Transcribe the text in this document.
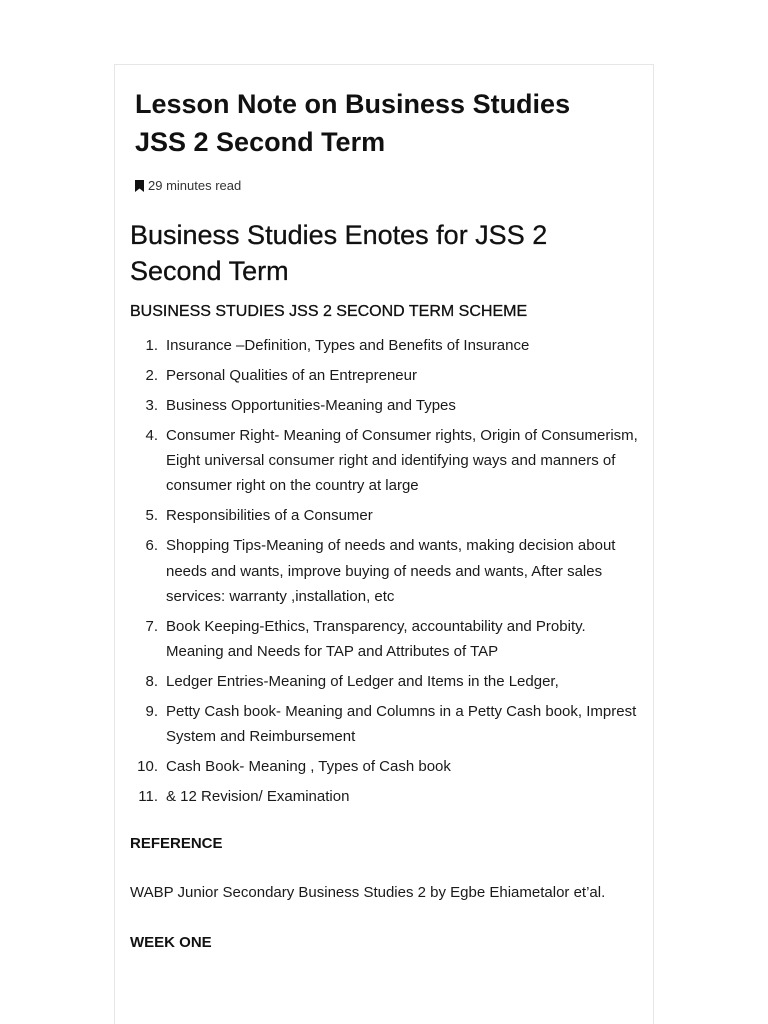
Lesson Note on Business Studies JSS 2 Second Term
29 minutes read
Business Studies Enotes for JSS 2 Second Term
BUSINESS STUDIES JSS 2 SECOND TERM SCHEME
1. Insurance –Definition, Types and Benefits of Insurance
2. Personal Qualities of an Entrepreneur
3. Business Opportunities-Meaning and Types
4. Consumer Right- Meaning of Consumer rights, Origin of Consumerism, Eight universal consumer right and identifying ways and manners of consumer right on the country at large
5. Responsibilities of a Consumer
6. Shopping Tips-Meaning of needs and wants, making decision about needs and wants, improve buying of needs and wants, After sales services: warranty ,installation, etc
7. Book Keeping-Ethics, Transparency, accountability and Probity. Meaning and Needs for TAP and Attributes of TAP
8. Ledger Entries-Meaning of Ledger and Items in the Ledger,
9. Petty Cash book- Meaning and Columns in a Petty Cash book, Imprest System and Reimbursement
10. Cash Book- Meaning , Types of Cash book
11. & 12 Revision/ Examination

REFERENCE

WABP Junior Secondary Business Studies 2 by Egbe Ehiametalor et’al.

WEEK ONE
